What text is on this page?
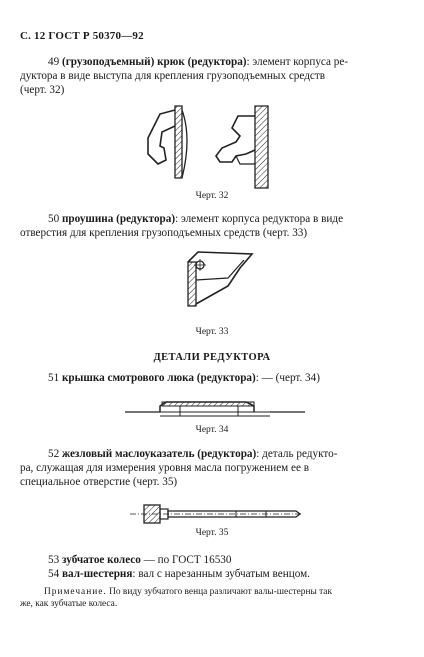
С. 12 ГОСТ Р 50370—92
49 (грузоподъемный) крюк (редуктора): элемент корпуса ре-
дуктора в виде выступа для крепления грузоподъемных средств
(черт. 32)
Черт. 32
50 проушина (редуктора): элемент корпуса редуктора в виде
отверстия для крепления грузоподъемных средств (черт. 33)
Черт. 33
ДЕТАЛИ РЕДУКТОРА
51 крышка смотрового люка (редуктора): — (черт. 34)
Черт. 34
52 жезловый маслоуказатель (редуктора): деталь редукто-
ра, служащая для измерения уровня масла погружением ее в
специальное отверстие (черт. 35)
Черт. 35
53 зубчатое колесо — по ГОСТ 16530
54 вал-шестерня: вал с нарезанным зубчатым венцом.
Примечание. По виду зубчатого венца различают валы-шестерны так
же, как зубчатые колеса.
